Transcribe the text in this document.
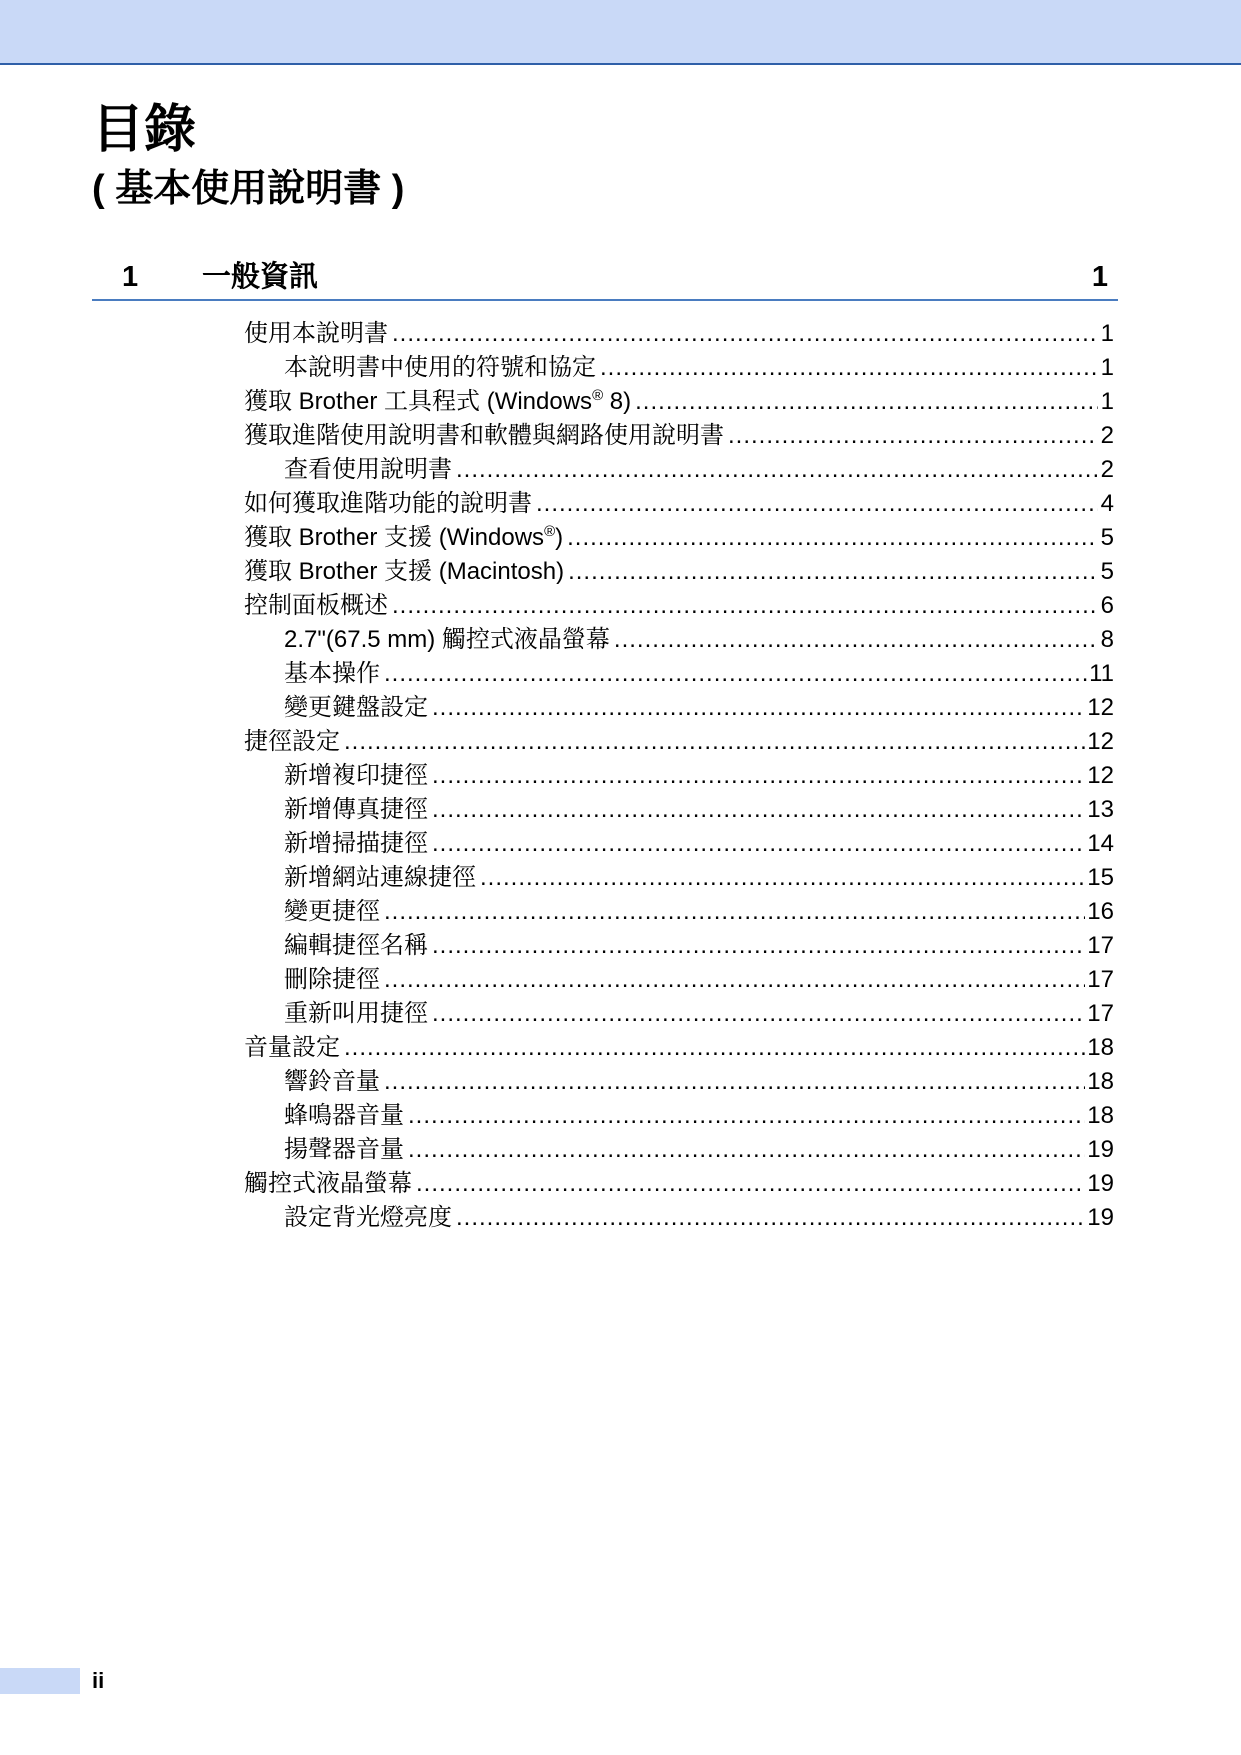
目錄
( 基本使用說明書 )
1 一般資訊	1
使用本說明書 .....	1
本說明書中使用的符號和協定 .....	1
獲取 Brother 工具程式 (Windows® 8) .....	1
獲取進階使用說明書和軟體與網路使用說明書 .....	2
查看使用說明書 .....	2
如何獲取進階功能的說明書 .....	4
獲取 Brother 支援 (Windows®) .....	5
獲取 Brother 支援 (Macintosh) .....	5
控制面板概述 .....	6
2.7"(67.5 mm) 觸控式液晶螢幕 .....	8
基本操作 .....	11
變更鍵盤設定 .....	12
捷徑設定 .....	12
新增複印捷徑 .....	12
新增傳真捷徑 .....	13
新增掃描捷徑 .....	14
新增網站連線捷徑 .....	15
變更捷徑 .....	16
編輯捷徑名稱 .....	17
刪除捷徑 .....	17
重新叫用捷徑 .....	17
音量設定 .....	18
響鈴音量 .....	18
蜂鳴器音量 .....	18
揚聲器音量 .....	19
觸控式液晶螢幕 .....	19
設定背光燈亮度 .....	19
ii
